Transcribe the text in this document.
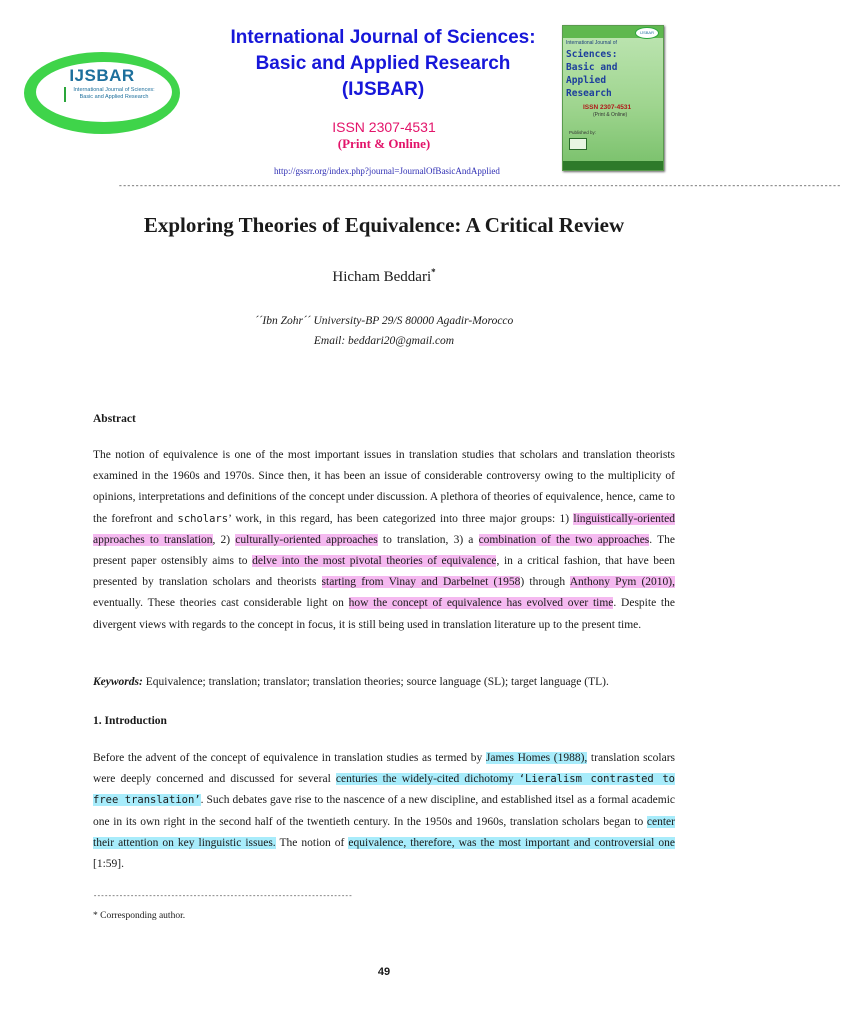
IJSBAR
International Journal of Sciences: Basic and Applied Research
International Journal of Sciences:
Basic and Applied Research
(IJSBAR)
ISSN 2307-4531
(Print & Online)
http://gssrr.org/index.php?journal=JournalOfBasicAndApplied
IJSBAR
International Journal of
Sciences:
Basic and Applied
Research
ISSN 2307-4531
(Print & Online)
Published by:
----------------------------------------------------------------------------------------------------------------------------------------------------------------------------
Exploring Theories of Equivalence: A Critical Review
Hicham Beddari*
´´Ibn Zohr´´ University-BP 29/S 80000 Agadir-Morocco
Email: beddari20@gmail.com
Abstract

The notion of equivalence is one of the most important issues in translation studies that scholars and translation theorists examined in the 1960s and 1970s. Since then, it has been an issue of considerable controversy owing to the multiplicity of opinions, interpretations and definitions of the concept under discussion. A plethora of theories of equivalence, hence, came to the forefront and scholars’ work, in this regard, has been categorized into three major groups: 1) linguistically-oriented approaches to translation, 2) culturally-oriented approaches to translation, 3) a combination of the two approaches. The present paper ostensibly aims to delve into the most pivotal theories of equivalence, in a critical fashion, that have been presented by translation scholars and theorists starting from Vinay and Darbelnet (1958) through Anthony Pym (2010), eventually. These theories cast considerable light on how the concept of equivalence has evolved over time. Despite the divergent views with regards to the concept in focus, it is still being used in translation literature up to the present time.

Keywords: Equivalence; translation; translator; translation theories; source language (SL); target language (TL).
1. Introduction

Before the advent of the concept of equivalence in translation studies as termed by James Homes (1988), translation scolars were deeply concerned and discussed for several centuries the widely-cited dichotomy ‘Lieralism contrasted to free translation’. Such debates gave rise to the nascence of a new discipline, and established itsel as a formal academic one in its own right in the second half of the twentieth century. In the 1950s and 1960s, translation scholars began to center their attention on key linguistic issues. The notion of equivalence, therefore, was the most important and controversial one [1:59].

----------------------------------------------------------------------
* Corresponding author.
49
